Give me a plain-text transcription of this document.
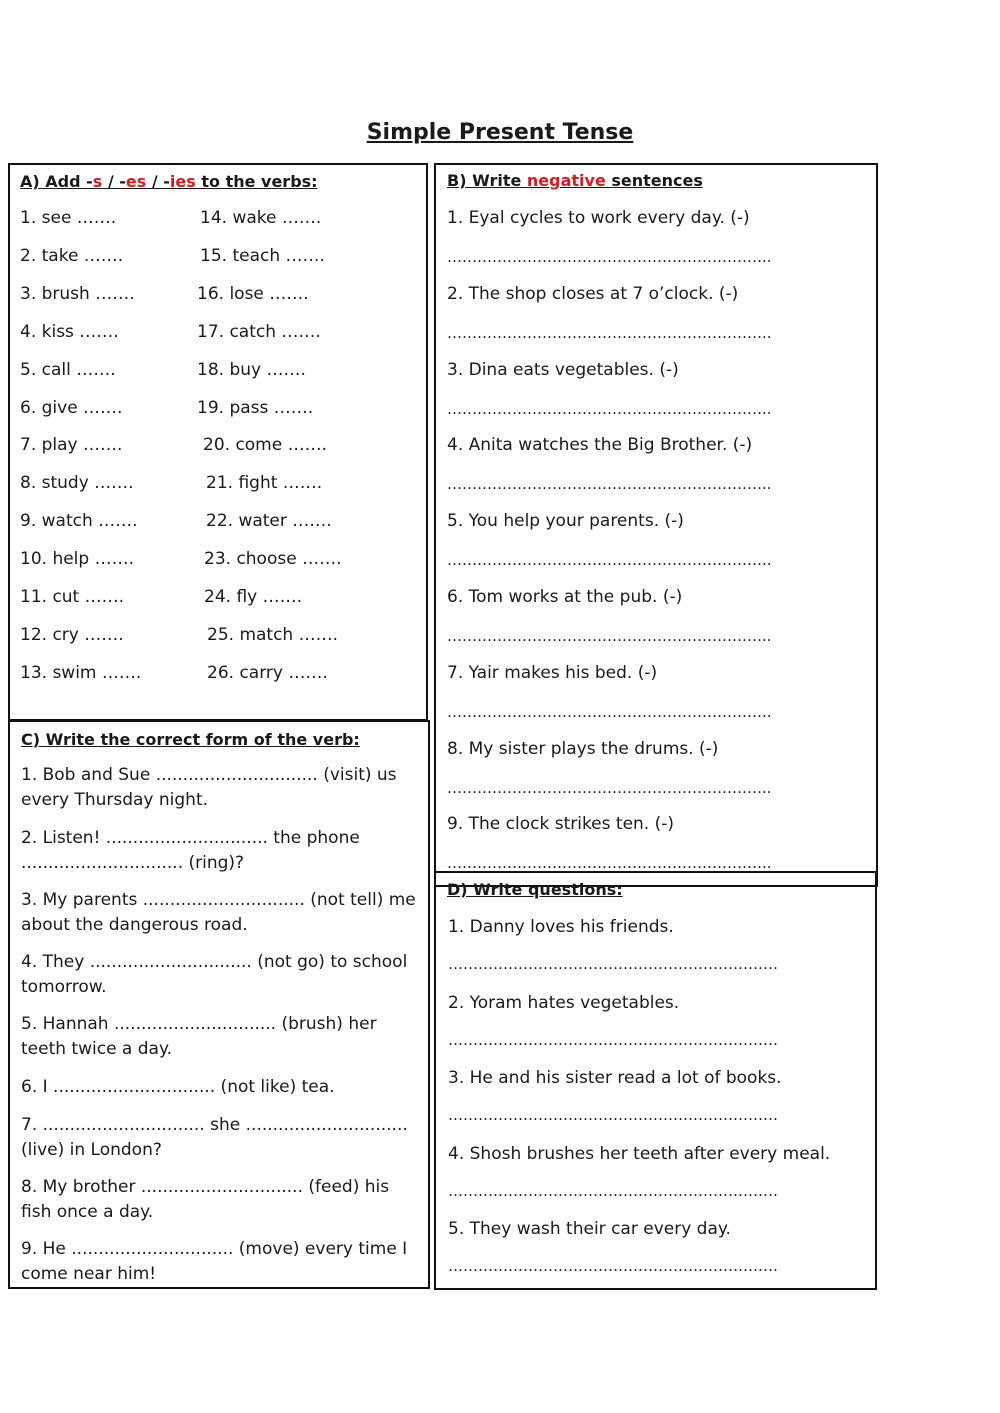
Simple Present Tense
A) Add -s / -es / -ies to the verbs:
1. see …….
2. take …….
3. brush …….
4. kiss …….
5. call …….
6. give …….
7. play …….
8. study …….
9. watch …….
10. help …….
11. cut …….
12. cry …….
13. swim …….
14. wake …….
15. teach …….
16. lose …….
17. catch …….
18. buy …….
19. pass …….
20. come …….
21. fight …….
22. water …….
23. choose …….
24. fly …….
25. match …….
26. carry …….
B) Write negative sentences
1. Eyal cycles to work every day. (-)
………………………………………………………..
2. The shop closes at 7 o’clock. (-)
………………………………………………………..
3. Dina eats vegetables. (-)
………………………………………………………..
4. Anita watches the Big Brother. (-)
………………………………………………………..
5. You help your parents. (-)
………………………………………………………..
6. Tom works at the pub. (-)
………………………………………………………..
7. Yair makes his bed. (-)
………………………………………………………..
8. My sister plays the drums. (-)
………………………………………………………..
9. The clock strikes ten. (-)
………………………………………………………..
C) Write the correct form of the verb:
1. Bob and Sue .............................. (visit) us every Thursday night.
2. Listen! .............................. the phone .............................. (ring)?
3. My parents .............................. (not tell) me about the dangerous road.
4. They .............................. (not go) to school tomorrow.
5. Hannah .............................. (brush) her teeth twice a day.
6. I .............................. (not like) tea.
7. .............................. she .............................. (live) in London?
8. My brother .............................. (feed) his fish once a day.
9. He .............................. (move) every time I come near him!
D) Write questions:
1. Danny loves his friends.
…………………………………………………………
2. Yoram hates vegetables.
…………………………………………………………
3. He and his sister read a lot of books.
…………………………………………………………
4. Shosh brushes her teeth after every meal.
…………………………………………………………
5. They wash their car every day.
…………………………………………………………
